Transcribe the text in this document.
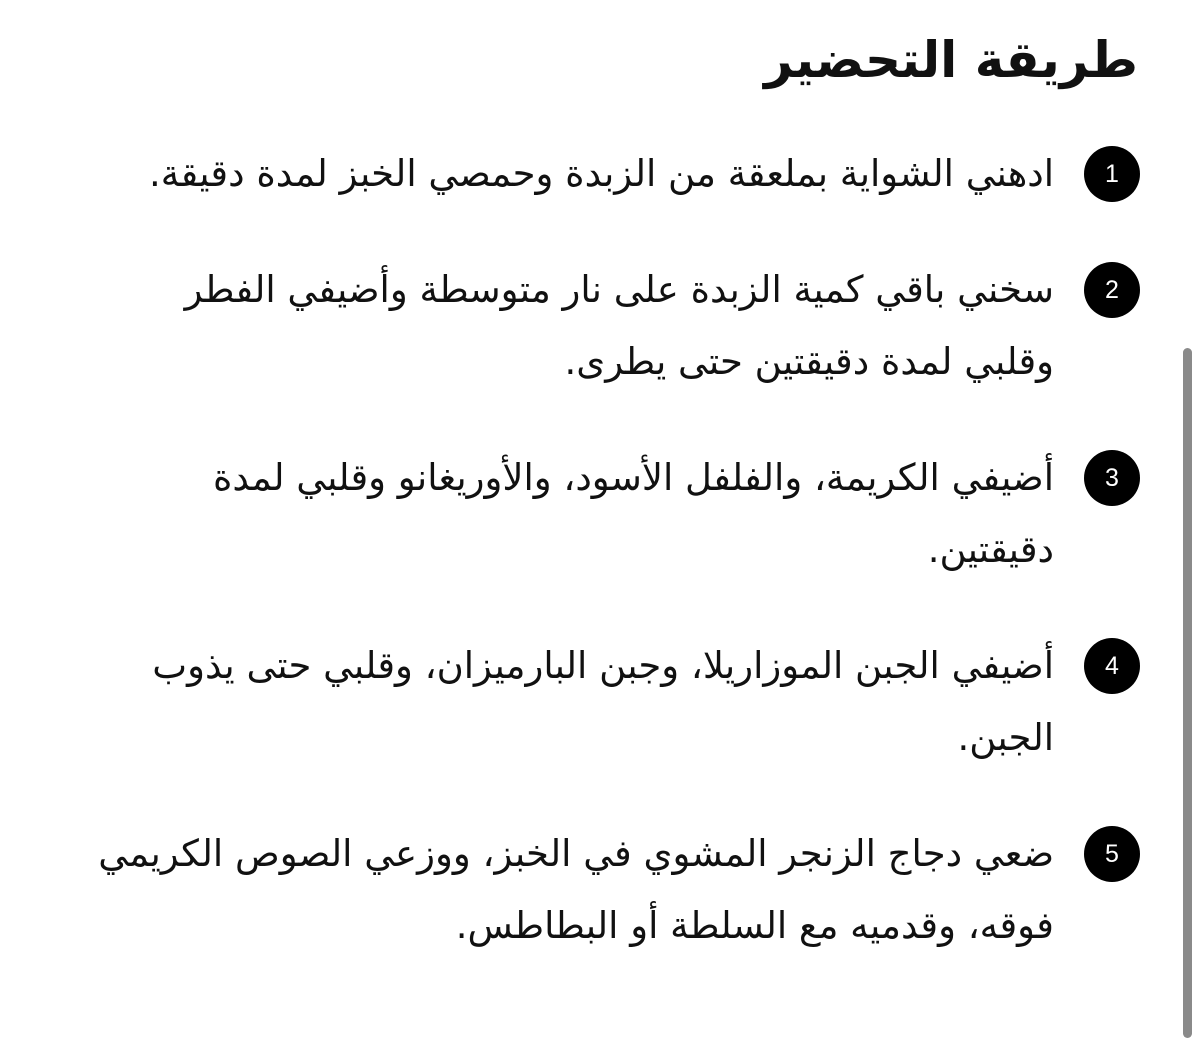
طريقة التحضير
1

ادهني الشواية بملعقة من الزبدة وحمصي الخبز لمدة دقيقة.

2

سخني باقي كمية الزبدة على نار متوسطة وأضيفي الفطر وقلبي لمدة دقيقتين حتى يطرى.

3

أضيفي الكريمة، والفلفل الأسود، والأوريغانو وقلبي لمدة دقيقتين.

4

أضيفي الجبن الموزاريلا، وجبن البارميزان، وقلبي حتى يذوب الجبن.

5

ضعي دجاج الزنجر المشوي في الخبز، ووزعي الصوص الكريمي فوقه، وقدميه مع السلطة أو البطاطس.
